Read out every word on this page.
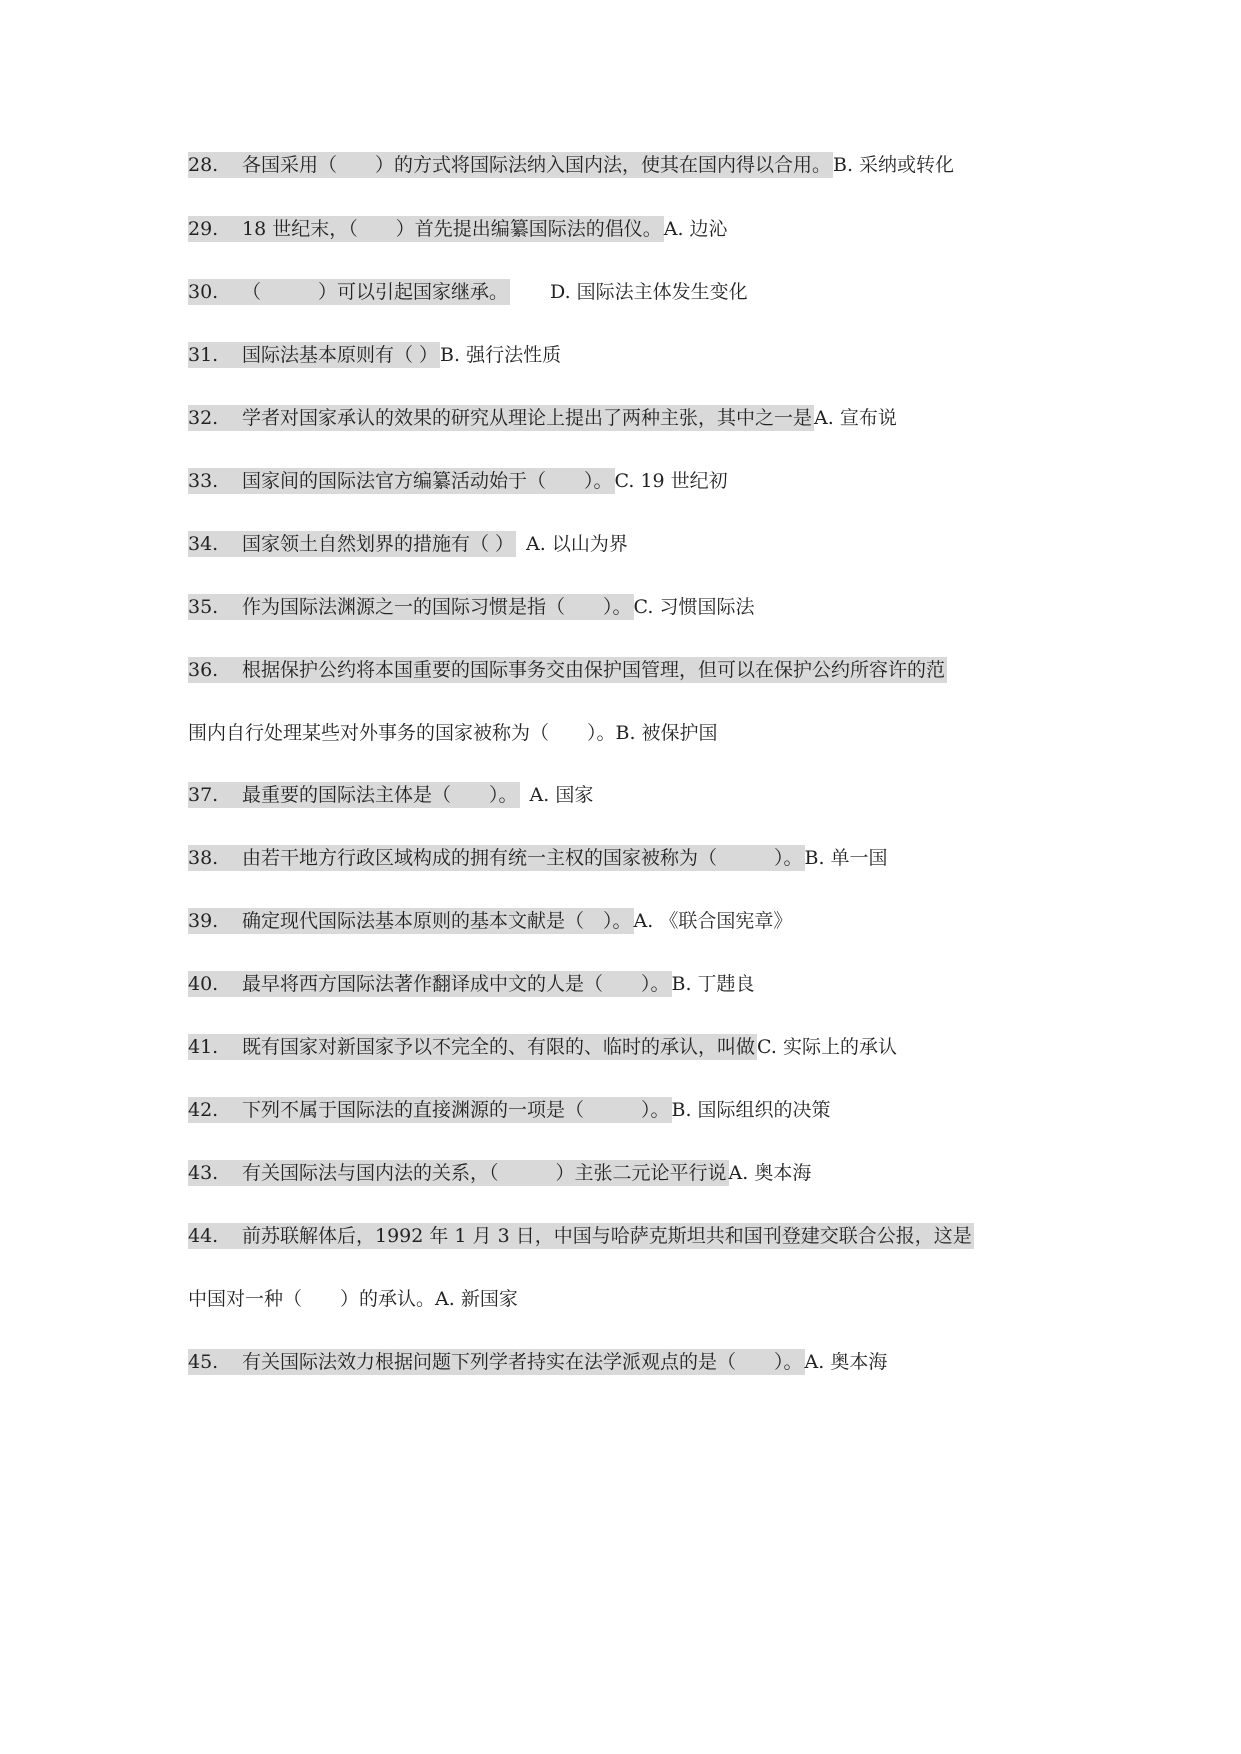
28. 各国采用（　　）的方式将国际法纳入国内法，使其在国内得以合用。 B. 采纳或转化
29. 18 世纪末，（　　）首先提出编纂国际法的倡仪。 A. 边沁
30. （　　　）可以引起国家继承。 D. 国际法主体发生变化
31. 国际法基本原则有（ ） B. 强行法性质
32. 学者对国家承认的效果的研究从理论上提出了两种主张，其中之一是 A. 宣布说
33. 国家间的国际法官方编纂活动始于（　　）。 C. 19 世纪初
34. 国家领土自然划界的措施有（ ） A. 以山为界
35. 作为国际法渊源之一的国际习惯是指（　　）。 C. 习惯国际法
36. 根据保护公约将本国重要的国际事务交由保护国管理，但可以在保护公约所容许的范
围内自行处理某些对外事务的国家被称为（　　）。B. 被保护国
37. 最重要的国际法主体是（　　）。 A. 国家
38. 由若干地方行政区域构成的拥有统一主权的国家被称为（　　　）。 B. 单一国
39. 确定现代国际法基本原则的基本文献是（　）。 A. 《联合国宪章》
40. 最早将西方国际法著作翻译成中文的人是（　　）。 B. 丁韪良
41. 既有国家对新国家予以不完全的、有限的、临时的承认，叫做 C. 实际上的承认
42. 下列不属于国际法的直接渊源的一项是（　　　）。 B. 国际组织的决策
43. 有关国际法与国内法的关系，（　　　）主张二元论平行说 A. 奥本海
44. 前苏联解体后，1992 年 1 月 3 日，中国与哈萨克斯坦共和国刊登建交联合公报，这是
中国对一种（　　）的承认。A. 新国家
45. 有关国际法效力根据问题下列学者持实在法学派观点的是（　　）。 A. 奥本海
